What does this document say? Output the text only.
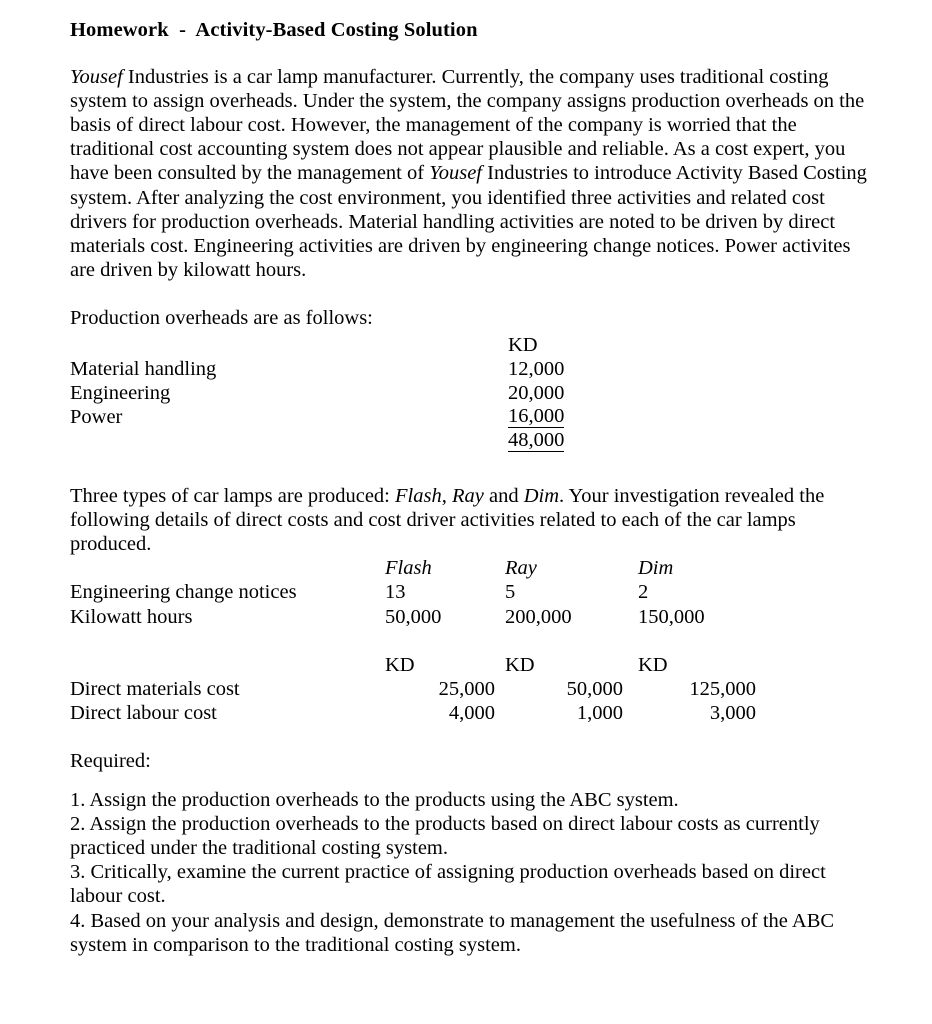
Homework  -  Activity-Based Costing Solution

Yousef Industries is a car lamp manufacturer. Currently, the company uses traditional costing system to assign overheads. Under the system, the company assigns production overheads on the basis of direct labour cost. However, the management of the company is worried that the traditional cost accounting system does not appear plausible and reliable. As a cost expert, you have been consulted by the management of Yousef Industries to introduce Activity Based Costing system. After analyzing the cost environment, you identified three activities and related cost drivers for production overheads. Material handling activities are noted to be driven by direct materials cost. Engineering activities are driven by engineering change notices. Power activites are driven by kilowatt hours.

Production overheads are as follows:

KD
Material handling	12,000
Engineering	20,000
Power	16,000
48,000

Three types of car lamps are produced: Flash, Ray and Dim. Your investigation revealed the following details of direct costs and cost driver activities related to each of the car lamps produced.

Flash	Ray	Dim
Engineering change notices	13	5	2
Kilowatt hours	50,000	200,000	150,000
KD	KD	KD
Direct materials cost	25,000	50,000	125,000
Direct labour cost	4,000	1,000	3,000

Required:

1. Assign the production overheads to the products using the ABC system.

2. Assign the production overheads to the products based on direct labour costs as currently practiced under the traditional costing system.

3. Critically, examine the current practice of assigning production overheads based on direct labour cost.

4. Based on your analysis and design, demonstrate to management the usefulness of the ABC system in comparison to the traditional costing system.
